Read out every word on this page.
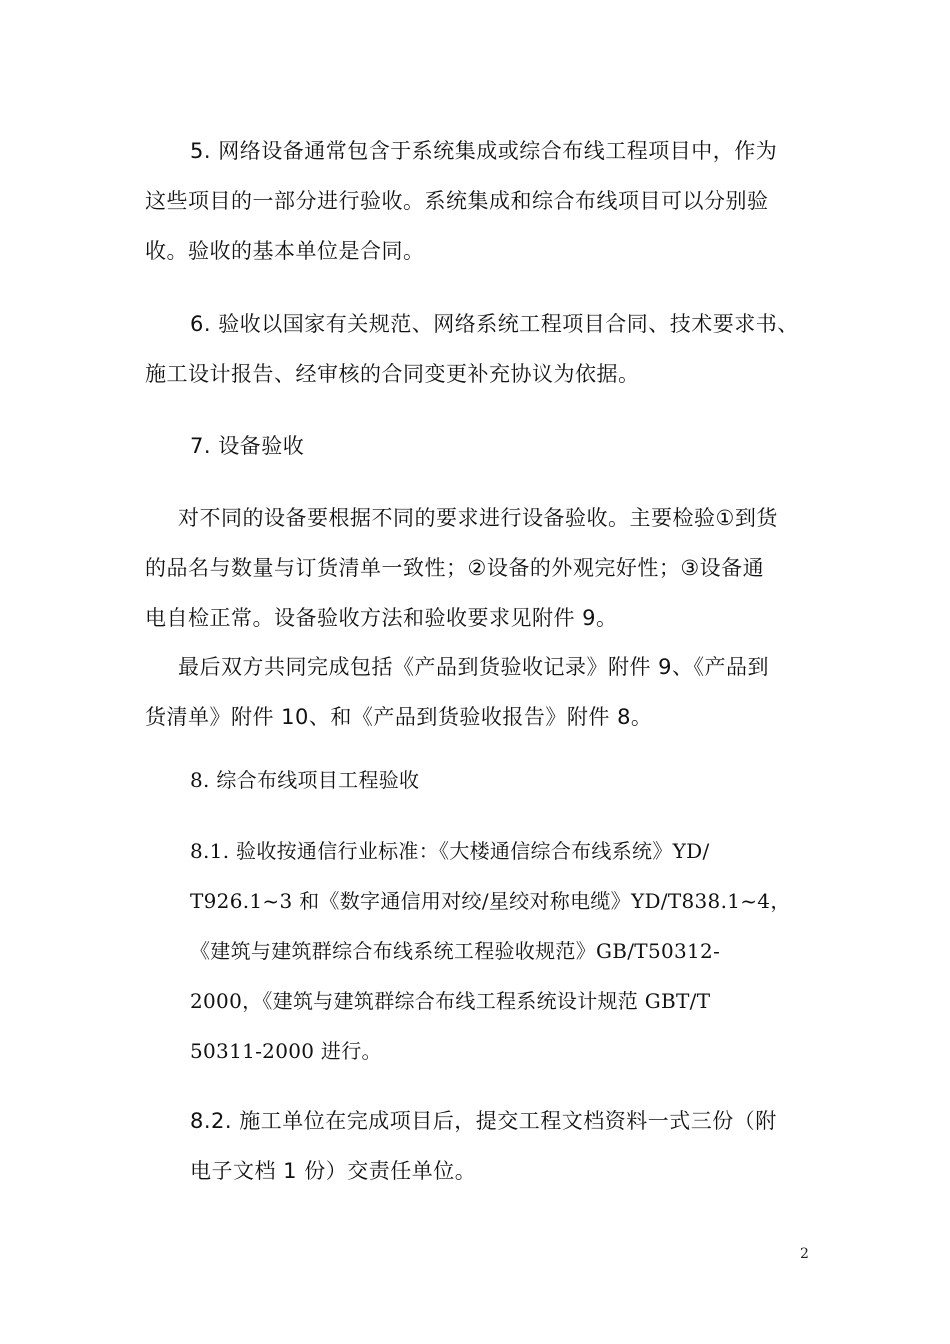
5. 网络设备通常包含于系统集成或综合布线工程项目中，作为

这些项目的一部分进行验收。系统集成和综合布线项目可以分别验

收。验收的基本单位是合同。

6. 验收以国家有关规范、网络系统工程项目合同、技术要求书、

施工设计报告、经审核的合同变更补充协议为依据。

7. 设备验收

对不同的设备要根据不同的要求进行设备验收。主要检验①到货

的品名与数量与订货清单一致性；②设备的外观完好性；③设备通

电自检正常。设备验收方法和验收要求见附件 9。

最后双方共同完成包括《产品到货验收记录》附件 9、《产品到

货清单》附件 10、和《产品到货验收报告》附件 8。

8. 综合布线项目工程验收

8.1. 验收按通信行业标准：《大楼通信综合布线系统》YD/

T926.1~3 和《数字通信用对绞/星绞对称电缆》YD/T838.1~4，

《建筑与建筑群综合布线系统工程验收规范》GB/T50312-

2000，《建筑与建筑群综合布线工程系统设计规范 GBT/T

50311-2000 进行。

8.2. 施工单位在完成项目后，提交工程文档资料一式三份（附

电子文档 1 份）交责任单位。

2
